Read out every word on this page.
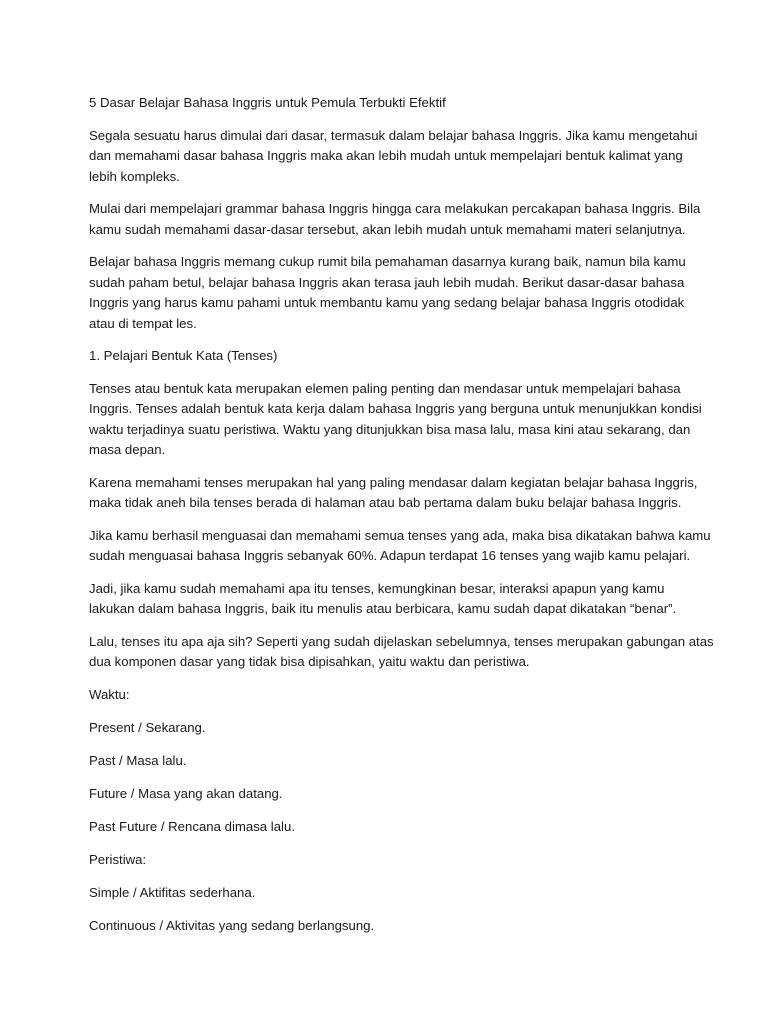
5 Dasar Belajar Bahasa Inggris untuk Pemula Terbukti Efektif
Segala sesuatu harus dimulai dari dasar, termasuk dalam belajar bahasa Inggris. Jika kamu mengetahui
dan memahami dasar bahasa Inggris maka akan lebih mudah untuk mempelajari bentuk kalimat yang
lebih kompleks.
Mulai dari mempelajari grammar bahasa Inggris hingga cara melakukan percakapan bahasa Inggris. Bila
kamu sudah memahami dasar-dasar tersebut, akan lebih mudah untuk memahami materi selanjutnya.
Belajar bahasa Inggris memang cukup rumit bila pemahaman dasarnya kurang baik, namun bila kamu
sudah paham betul, belajar bahasa Inggris akan terasa jauh lebih mudah. Berikut dasar-dasar bahasa
Inggris yang harus kamu pahami untuk membantu kamu yang sedang belajar bahasa Inggris otodidak
atau di tempat les.
1. Pelajari Bentuk Kata (Tenses)
Tenses atau bentuk kata merupakan elemen paling penting dan mendasar untuk mempelajari bahasa
Inggris. Tenses adalah bentuk kata kerja dalam bahasa Inggris yang berguna untuk menunjukkan kondisi
waktu terjadinya suatu peristiwa. Waktu yang ditunjukkan bisa masa lalu, masa kini atau sekarang, dan
masa depan.
Karena memahami tenses merupakan hal yang paling mendasar dalam kegiatan belajar bahasa Inggris,
maka tidak aneh bila tenses berada di halaman atau bab pertama dalam buku belajar bahasa Inggris.
Jika kamu berhasil menguasai dan memahami semua tenses yang ada, maka bisa dikatakan bahwa kamu
sudah menguasai bahasa Inggris sebanyak 60%. Adapun terdapat 16 tenses yang wajib kamu pelajari.
Jadi, jika kamu sudah memahami apa itu tenses, kemungkinan besar, interaksi apapun yang kamu
lakukan dalam bahasa Inggris, baik itu menulis atau berbicara, kamu sudah dapat dikatakan “benar”.
Lalu, tenses itu apa aja sih? Seperti yang sudah dijelaskan sebelumnya, tenses merupakan gabungan atas
dua komponen dasar yang tidak bisa dipisahkan, yaitu waktu dan peristiwa.
Waktu:
Present / Sekarang.
Past / Masa lalu.
Future / Masa yang akan datang.
Past Future / Rencana dimasa lalu.
Peristiwa:
Simple / Aktifitas sederhana.
Continuous / Aktivitas yang sedang berlangsung.
